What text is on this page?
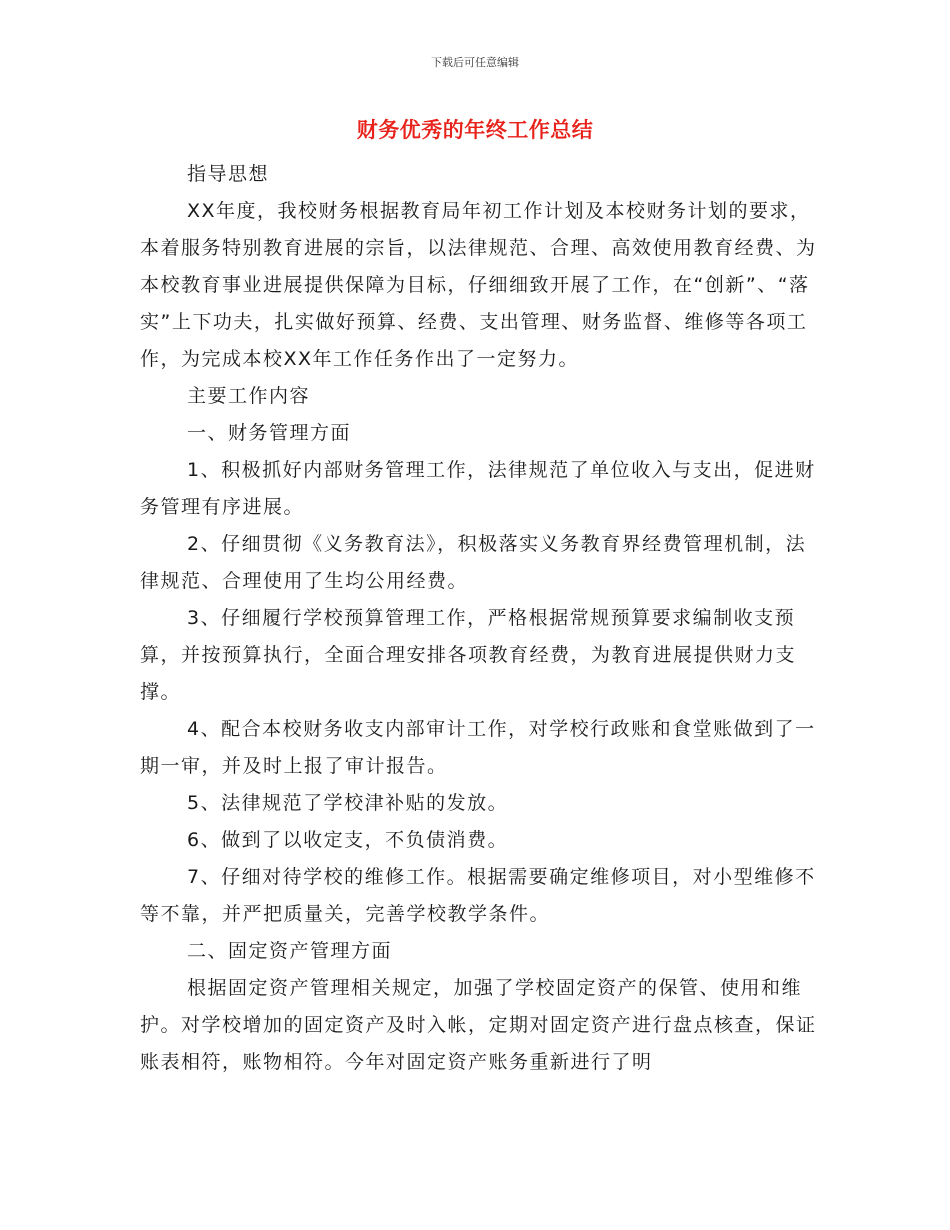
下载后可任意编辑
财务优秀的年终工作总结

指导思想

XX年度，我校财务根据教育局年初工作计划及本校财务计划的要求，本着服务特别教育进展的宗旨，以法律规范、合理、高效使用教育经费、为本校教育事业进展提供保障为目标，仔细细致开展了工作，在“创新”、“落实”上下功夫，扎实做好预算、经费、支出管理、财务监督、维修等各项工作，为完成本校XX年工作任务作出了一定努力。

主要工作内容

一、财务管理方面

1、积极抓好内部财务管理工作，法律规范了单位收入与支出，促进财务管理有序进展。

2、仔细贯彻《义务教育法》，积极落实义务教育界经费管理机制，法律规范、合理使用了生均公用经费。

3、仔细履行学校预算管理工作，严格根据常规预算要求编制收支预算，并按预算执行，全面合理安排各项教育经费，为教育进展提供财力支撑。

4、配合本校财务收支内部审计工作，对学校行政账和食堂账做到了一期一审，并及时上报了审计报告。

5、法律规范了学校津补贴的发放。

6、做到了以收定支，不负债消费。

7、仔细对待学校的维修工作。根据需要确定维修项目，对小型维修不等不靠，并严把质量关，完善学校教学条件。

二、固定资产管理方面

根据固定资产管理相关规定，加强了学校固定资产的保管、使用和维护。对学校增加的固定资产及时入帐，定期对固定资产进行盘点核查，保证账表相符，账物相符。今年对固定资产账务重新进行了明
